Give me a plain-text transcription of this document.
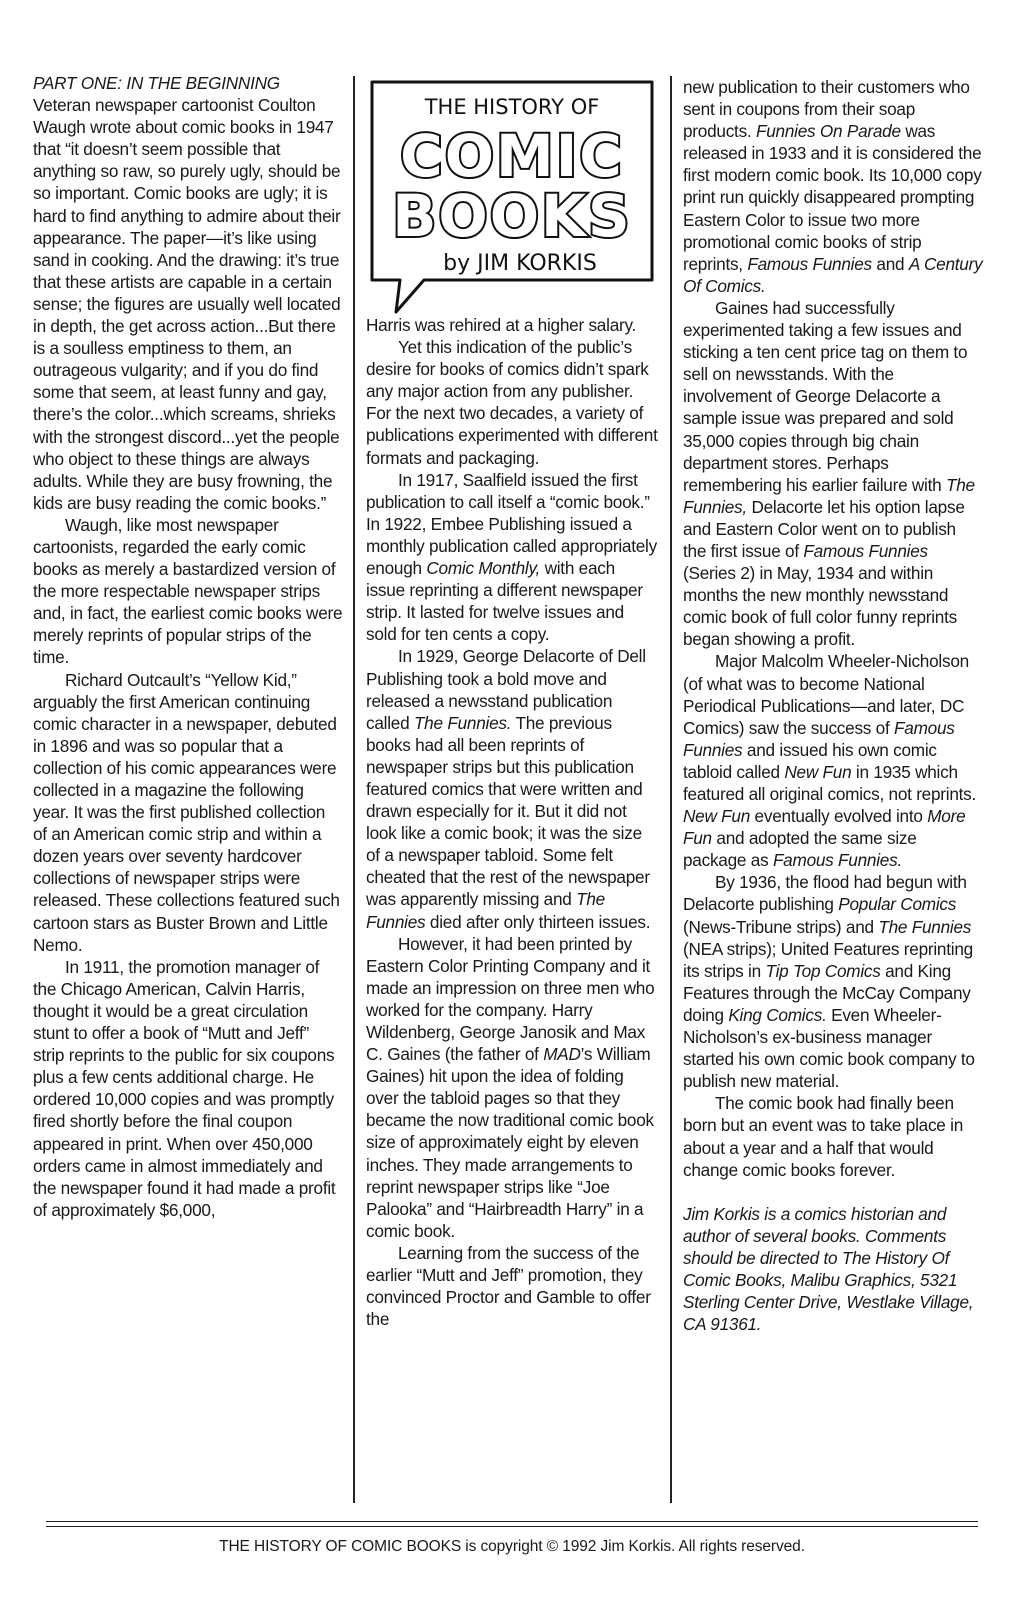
PART ONE: IN THE BEGINNING

Veteran newspaper cartoonist Coulton Waugh wrote about comic books in 1947 that “it doesn’t seem possible that anything so raw, so purely ugly, should be so important. Comic books are ugly; it is hard to find anything to admire about their appearance. The paper—it’s like using sand in cooking. And the drawing: it’s true that these artists are capable in a certain sense; the figures are usually well located in depth, the get across action...But there is a soulless emptiness to them, an outrageous vulgarity; and if you do find some that seem, at least funny and gay, there’s the color...which screams, shrieks with the strongest discord...yet the people who object to these things are always adults. While they are busy frowning, the kids are busy reading the comic books.”

Waugh, like most newspaper cartoonists, regarded the early comic books as merely a bastardized version of the more respectable newspaper strips and, in fact, the earliest comic books were merely reprints of popular strips of the time.

Richard Outcault’s “Yellow Kid,” arguably the first American continuing comic character in a newspaper, debuted in 1896 and was so popular that a collection of his comic appearances were collected in a magazine the following year. It was the first published collection of an American comic strip and within a dozen years over seventy hardcover collections of newspaper strips were released. These collections featured such cartoon stars as Buster Brown and Little Nemo.

In 1911, the promotion manager of the Chicago American, Calvin Harris, thought it would be a great circulation stunt to offer a book of “Mutt and Jeff” strip reprints to the public for six coupons plus a few cents additional charge. He ordered 10,000 copies and was promptly fired shortly before the final coupon appeared in print. When over 450,000 orders came in almost immediately and the newspaper found it had made a profit of approximately $6,000,

THE HISTORY OF
COMIC
BOOKS
by JIM KORKIS

Harris was rehired at a higher salary.

Yet this indication of the public’s desire for books of comics didn’t spark any major action from any publisher. For the next two decades, a variety of publications experimented with different formats and packaging.

In 1917, Saalfield issued the first publication to call itself a “comic book.” In 1922, Embee Publishing issued a monthly publication called appropriately enough Comic Monthly, with each issue reprinting a different newspaper strip. It lasted for twelve issues and sold for ten cents a copy.

In 1929, George Delacorte of Dell Publishing took a bold move and released a newsstand publication called The Funnies. The previous books had all been reprints of newspaper strips but this publication featured comics that were written and drawn especially for it. But it did not look like a comic book; it was the size of a newspaper tabloid. Some felt cheated that the rest of the newspaper was apparently missing and The Funnies died after only thirteen issues.

However, it had been printed by Eastern Color Printing Company and it made an impression on three men who worked for the company. Harry Wildenberg, George Janosik and Max C. Gaines (the father of MAD’s William Gaines) hit upon the idea of folding over the tabloid pages so that they became the now traditional comic book size of approximately eight by eleven inches. They made arrangements to reprint newspaper strips like “Joe Palooka” and “Hairbreadth Harry” in a comic book.

Learning from the success of the earlier “Mutt and Jeff” promotion, they convinced Proctor and Gamble to offer the

new publication to their customers who sent in coupons from their soap products. Funnies On Parade was released in 1933 and it is considered the first modern comic book. Its 10,000 copy print run quickly disappeared prompting Eastern Color to issue two more promotional comic books of strip reprints, Famous Funnies and A Century Of Comics.

Gaines had successfully experimented taking a few issues and sticking a ten cent price tag on them to sell on newsstands. With the involvement of George Delacorte a sample issue was prepared and sold 35,000 copies through big chain department stores. Perhaps remembering his earlier failure with The Funnies, Delacorte let his option lapse and Eastern Color went on to publish the first issue of Famous Funnies (Series 2) in May, 1934 and within months the new monthly newsstand comic book of full color funny reprints began showing a profit.

Major Malcolm Wheeler-Nicholson (of what was to become National Periodical Publications—and later, DC Comics) saw the success of Famous Funnies and issued his own comic tabloid called New Fun in 1935 which featured all original comics, not reprints. New Fun eventually evolved into More Fun and adopted the same size package as Famous Funnies.

By 1936, the flood had begun with Delacorte publishing Popular Comics (News-Tribune strips) and The Funnies (NEA strips); United Features reprinting its strips in Tip Top Comics and King Features through the McCay Company doing King Comics. Even Wheeler-Nicholson’s ex-business manager started his own comic book company to publish new material.

The comic book had finally been born but an event was to take place in about a year and a half that would change comic books forever.

Jim Korkis is a comics historian and author of several books. Comments should be directed to The History Of Comic Books, Malibu Graphics, 5321 Sterling Center Drive, Westlake Village, CA 91361.

THE HISTORY OF COMIC BOOKS is copyright © 1992 Jim Korkis. All rights reserved.
